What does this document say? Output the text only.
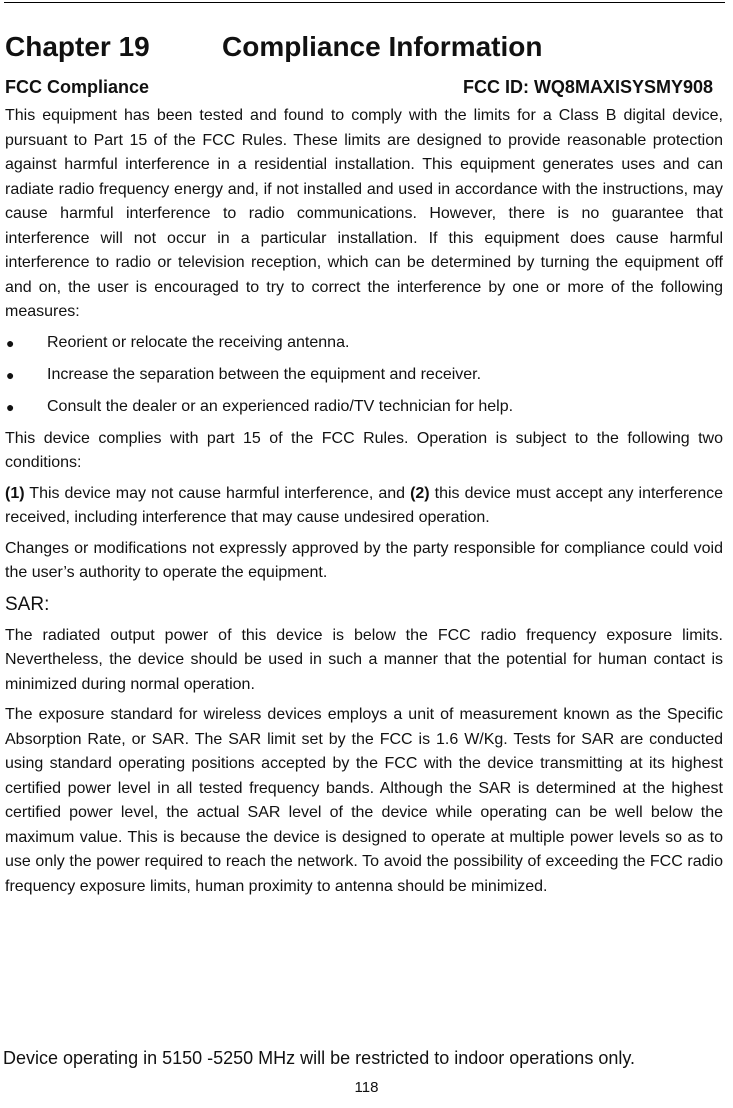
Chapter 19	Compliance Information
FCC Compliance	FCC ID: WQ8MAXISYSMY908

This equipment has been tested and found to comply with the limits for a Class B digital device, pursuant to Part 15 of the FCC Rules. These limits are designed to provide reasonable protection against harmful interference in a residential installation. This equipment generates uses and can radiate radio frequency energy and, if not installed and used in accordance with the instructions, may cause harmful interference to radio communications. However, there is no guarantee that interference will not occur in a particular installation. If this equipment does cause harmful interference to radio or television reception, which can be determined by turning the equipment off and on, the user is encouraged to try to correct the interference by one or more of the following measures:

● Reorient or relocate the receiving antenna.
● Increase the separation between the equipment and receiver.
● Consult the dealer or an experienced radio/TV technician for help.

This device complies with part 15 of the FCC Rules. Operation is subject to the following two conditions:

(1) This device may not cause harmful interference, and (2) this device must accept any interference received, including interference that may cause undesired operation.

Changes or modifications not expressly approved by the party responsible for compliance could void the user’s authority to operate the equipment.

SAR:

The radiated output power of this device is below the FCC radio frequency exposure limits. Nevertheless, the device should be used in such a manner that the potential for human contact is minimized during normal operation.

The exposure standard for wireless devices employs a unit of measurement known as the Specific Absorption Rate, or SAR. The SAR limit set by the FCC is 1.6 W/Kg. Tests for SAR are conducted using standard operating positions accepted by the FCC with the device transmitting at its highest certified power level in all tested frequency bands. Although the SAR is determined at the highest certified power level, the actual SAR level of the device while operating can be well below the maximum value. This is because the device is designed to operate at multiple power levels so as to use only the power required to reach the network. To avoid the possibility of exceeding the FCC radio frequency exposure limits, human proximity to antenna should be minimized.

Device operating in 5150 -5250 MHz will be restricted to indoor operations only.
118
